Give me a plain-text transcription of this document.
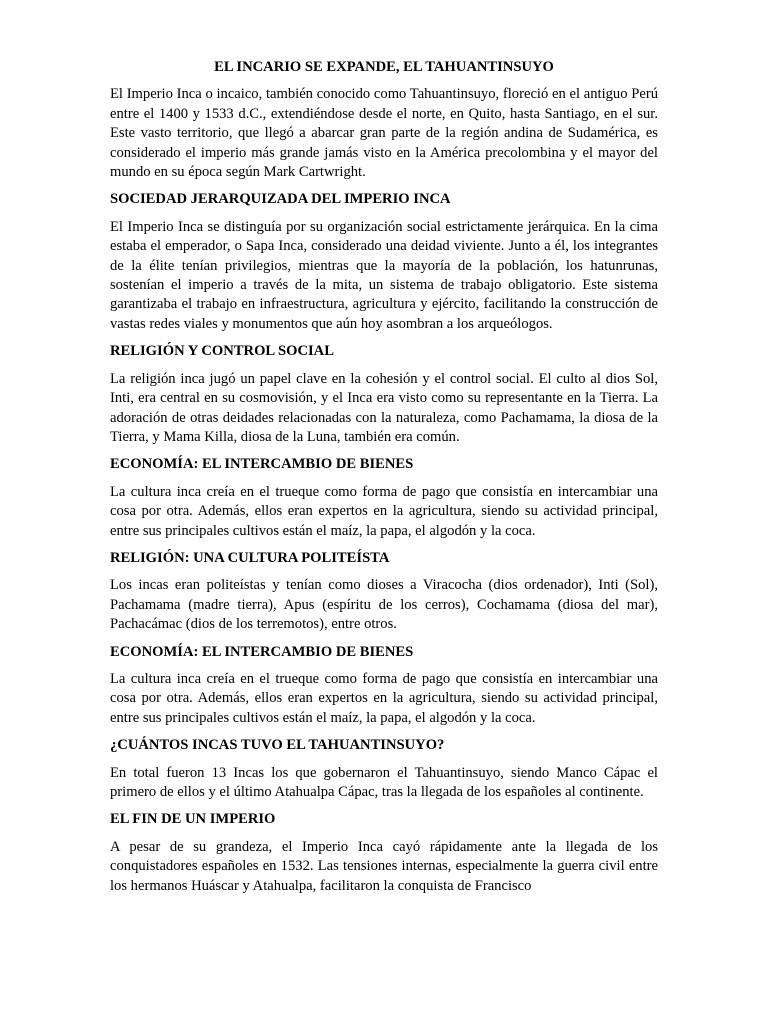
EL INCARIO SE EXPANDE, EL TAHUANTINSUYO

El Imperio Inca o incaico, también conocido como Tahuantinsuyo, floreció en el antiguo Perú entre el 1400 y 1533 d.C., extendiéndose desde el norte, en Quito, hasta Santiago, en el sur. Este vasto territorio, que llegó a abarcar gran parte de la región andina de Sudamérica, es considerado el imperio más grande jamás visto en la América precolombina y el mayor del mundo en su época según Mark Cartwright.

SOCIEDAD JERARQUIZADA DEL IMPERIO INCA

El Imperio Inca se distinguía por su organización social estrictamente jerárquica. En la cima estaba el emperador, o Sapa Inca, considerado una deidad viviente. Junto a él, los integrantes de la élite tenían privilegios, mientras que la mayoría de la población, los hatunrunas, sostenían el imperio a través de la mita, un sistema de trabajo obligatorio. Este sistema garantizaba el trabajo en infraestructura, agricultura y ejército, facilitando la construcción de vastas redes viales y monumentos que aún hoy asombran a los arqueólogos.

RELIGIÓN Y CONTROL SOCIAL

La religión inca jugó un papel clave en la cohesión y el control social. El culto al dios Sol, Inti, era central en su cosmovisión, y el Inca era visto como su representante en la Tierra. La adoración de otras deidades relacionadas con la naturaleza, como Pachamama, la diosa de la Tierra, y Mama Killa, diosa de la Luna, también era común.

ECONOMÍA: EL INTERCAMBIO DE BIENES

La cultura inca creía en el trueque como forma de pago que consistía en intercambiar una cosa por otra. Además, ellos eran expertos en la agricultura, siendo su actividad principal, entre sus principales cultivos están el maíz, la papa, el algodón y la coca.

RELIGIÓN: UNA CULTURA POLITEÍSTA

Los incas eran politeístas y tenían como dioses a Viracocha (dios ordenador), Inti (Sol), Pachamama (madre tierra), Apus (espíritu de los cerros), Cochamama (diosa del mar), Pachacámac (dios de los terremotos), entre otros.

ECONOMÍA: EL INTERCAMBIO DE BIENES

La cultura inca creía en el trueque como forma de pago que consistía en intercambiar una cosa por otra. Además, ellos eran expertos en la agricultura, siendo su actividad principal, entre sus principales cultivos están el maíz, la papa, el algodón y la coca.

¿CUÁNTOS INCAS TUVO EL TAHUANTINSUYO?

En total fueron 13 Incas los que gobernaron el Tahuantinsuyo, siendo Manco Cápac el primero de ellos y el último Atahualpa Cápac, tras la llegada de los españoles al continente.

EL FIN DE UN IMPERIO

A pesar de su grandeza, el Imperio Inca cayó rápidamente ante la llegada de los conquistadores españoles en 1532. Las tensiones internas, especialmente la guerra civil entre los hermanos Huáscar y Atahualpa, facilitaron la conquista de Francisco
